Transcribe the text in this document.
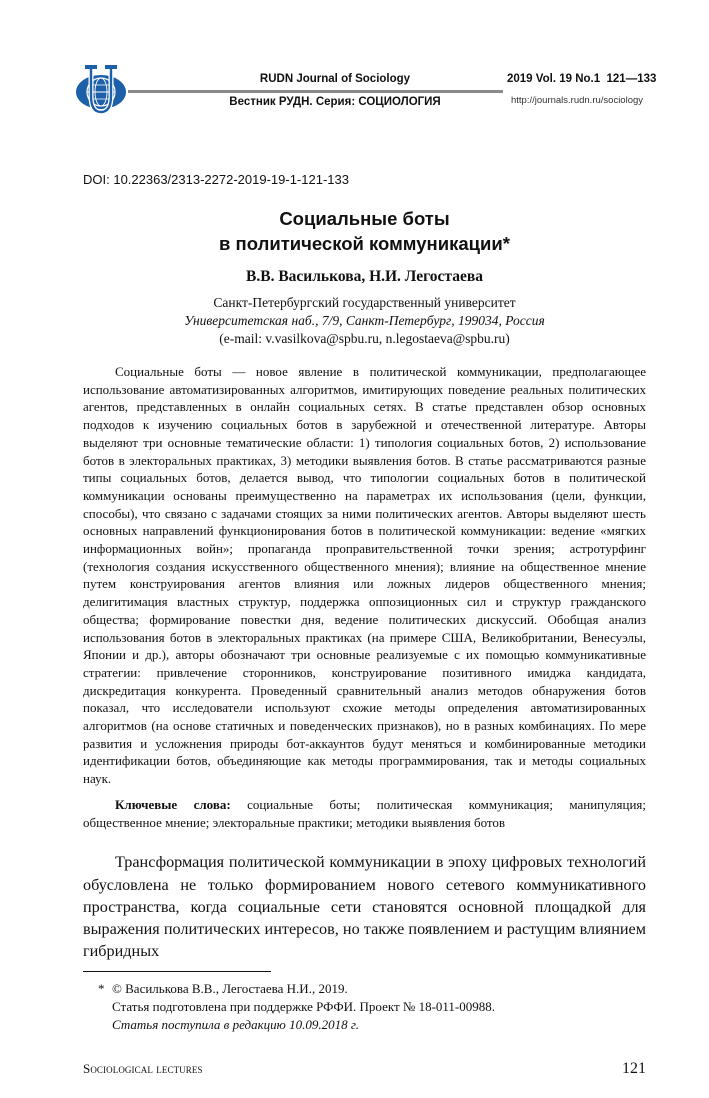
RUDN Journal of Sociology
Вестник РУДН. Серия: СОЦИОЛОГИЯ
2019 Vol. 19 No.1  121—133
http://journals.rudn.ru/sociology

DOI: 10.22363/2313-2272-2019-19-1-121-133

Социальные боты
в политической коммуникации*
В.В. Василькова, Н.И. Легостаева
Санкт-Петербургский государственный университет
Университетская наб., 7/9, Санкт-Петербург, 199034, Россия
(e-mail: v.vasilkova@spbu.ru, n.legostaeva@spbu.ru)

Социальные боты — новое явление в политической коммуникации, предполагающее использование автоматизированных алгоритмов, имитирующих поведение реальных политических агентов, представленных в онлайн социальных сетях. В статье представлен обзор основных подходов к изучению социальных ботов в зарубежной и отечественной литературе. Авторы выделяют три основные тематические области: 1) типология социальных ботов, 2) использование ботов в электоральных практиках, 3) методики выявления ботов. В статье рассматриваются разные типы социальных ботов, делается вывод, что типологии социальных ботов в политической коммуникации основаны преимущественно на параметрах их использования (цели, функции, способы), что связано с задачами стоящих за ними политических агентов. Авторы выделяют шесть основных направлений функционирования ботов в политической коммуникации: ведение «мягких информационных войн»; пропаганда проправительственной точки зрения; астротурфинг (технология создания искусственного общественного мнения); влияние на общественное мнение путем конструирования агентов влияния или ложных лидеров общественного мнения; делигитимация властных структур, поддержка оппозиционных сил и структур гражданского общества; формирование повестки дня, ведение политических дискуссий. Обобщая анализ использования ботов в электоральных практиках (на примере США, Великобритании, Венесуэлы, Японии и др.), авторы обозначают три основные реализуемые с их помощью коммуникативные стратегии: привлечение сторонников, конструирование позитивного имиджа кандидата, дискредитация конкурента. Проведенный сравнительный анализ методов обнаружения ботов показал, что исследователи используют схожие методы определения автоматизированных алгоритмов (на основе статичных и поведенческих признаков), но в разных комбинациях. По мере развития и усложнения природы бот-аккаунтов будут меняться и комбинированные методики идентификации ботов, объединяющие как методы программирования, так и методы социальных наук.

Ключевые слова: социальные боты; политическая коммуникация; манипуляция; общественное мнение; электоральные практики; методики выявления ботов

Трансформация политической коммуникации в эпоху цифровых технологий обусловлена не только формированием нового сетевого коммуникативного пространства, когда социальные сети становятся основной площадкой для выражения политических интересов, но также появлением и растущим влиянием гибридных

* © Василькова В.В., Легостаева Н.И., 2019.
Статья подготовлена при поддержке РФФИ. Проект № 18-011-00988.
Статья поступила в редакцию 10.09.2018 г.
Sociological lectures	121
